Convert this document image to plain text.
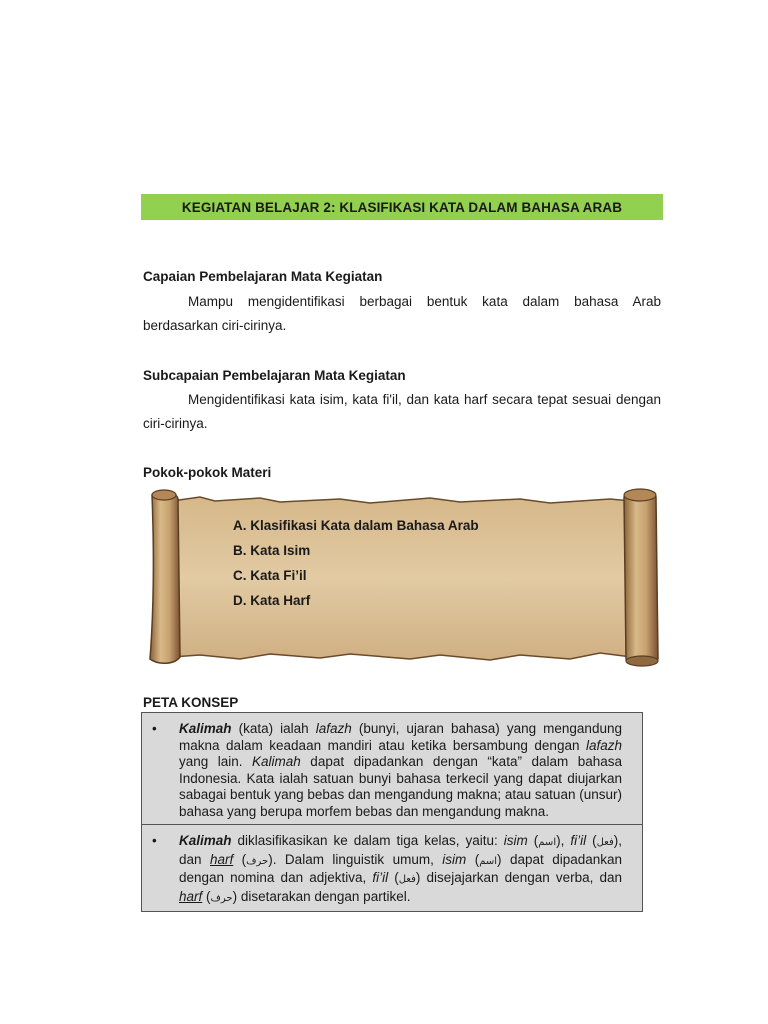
KEGIATAN BELAJAR 2: KLASIFIKASI KATA DALAM BAHASA ARAB
Capaian Pembelajaran Mata Kegiatan
Mampu mengidentifikasi berbagai bentuk kata dalam bahasa Arab
berdasarkan ciri-cirinya.
Subcapaian Pembelajaran Mata Kegiatan
Mengidentifikasi kata isim, kata fi'il, dan kata harf secara tepat sesuai dengan
ciri-cirinya.
Pokok-pokok Materi
A. Klasifikasi Kata dalam Bahasa Arab
B. Kata Isim
C. Kata Fi’il
D. Kata Harf
PETA KONSEP
• Kalimah (kata) ialah lafazh (bunyi, ujaran bahasa) yang mengandung makna dalam keadaan mandiri atau ketika bersambung dengan lafazh yang lain. Kalimah dapat dipadankan dengan “kata” dalam bahasa Indonesia. Kata ialah satuan bunyi bahasa terkecil yang dapat diujarkan sabagai bentuk yang bebas dan mengandung makna; atau satuan (unsur) bahasa yang berupa morfem bebas dan mengandung makna.
• Kalimah diklasifikasikan ke dalam tiga kelas, yaitu: isim (اسم), fi’il (فعل), dan harf (حرف). Dalam linguistik umum, isim (اسم) dapat dipadankan dengan nomina dan adjektiva, fi’il (فعل) disejajarkan dengan verba, dan harf (حرف) disetarakan dengan partikel.
